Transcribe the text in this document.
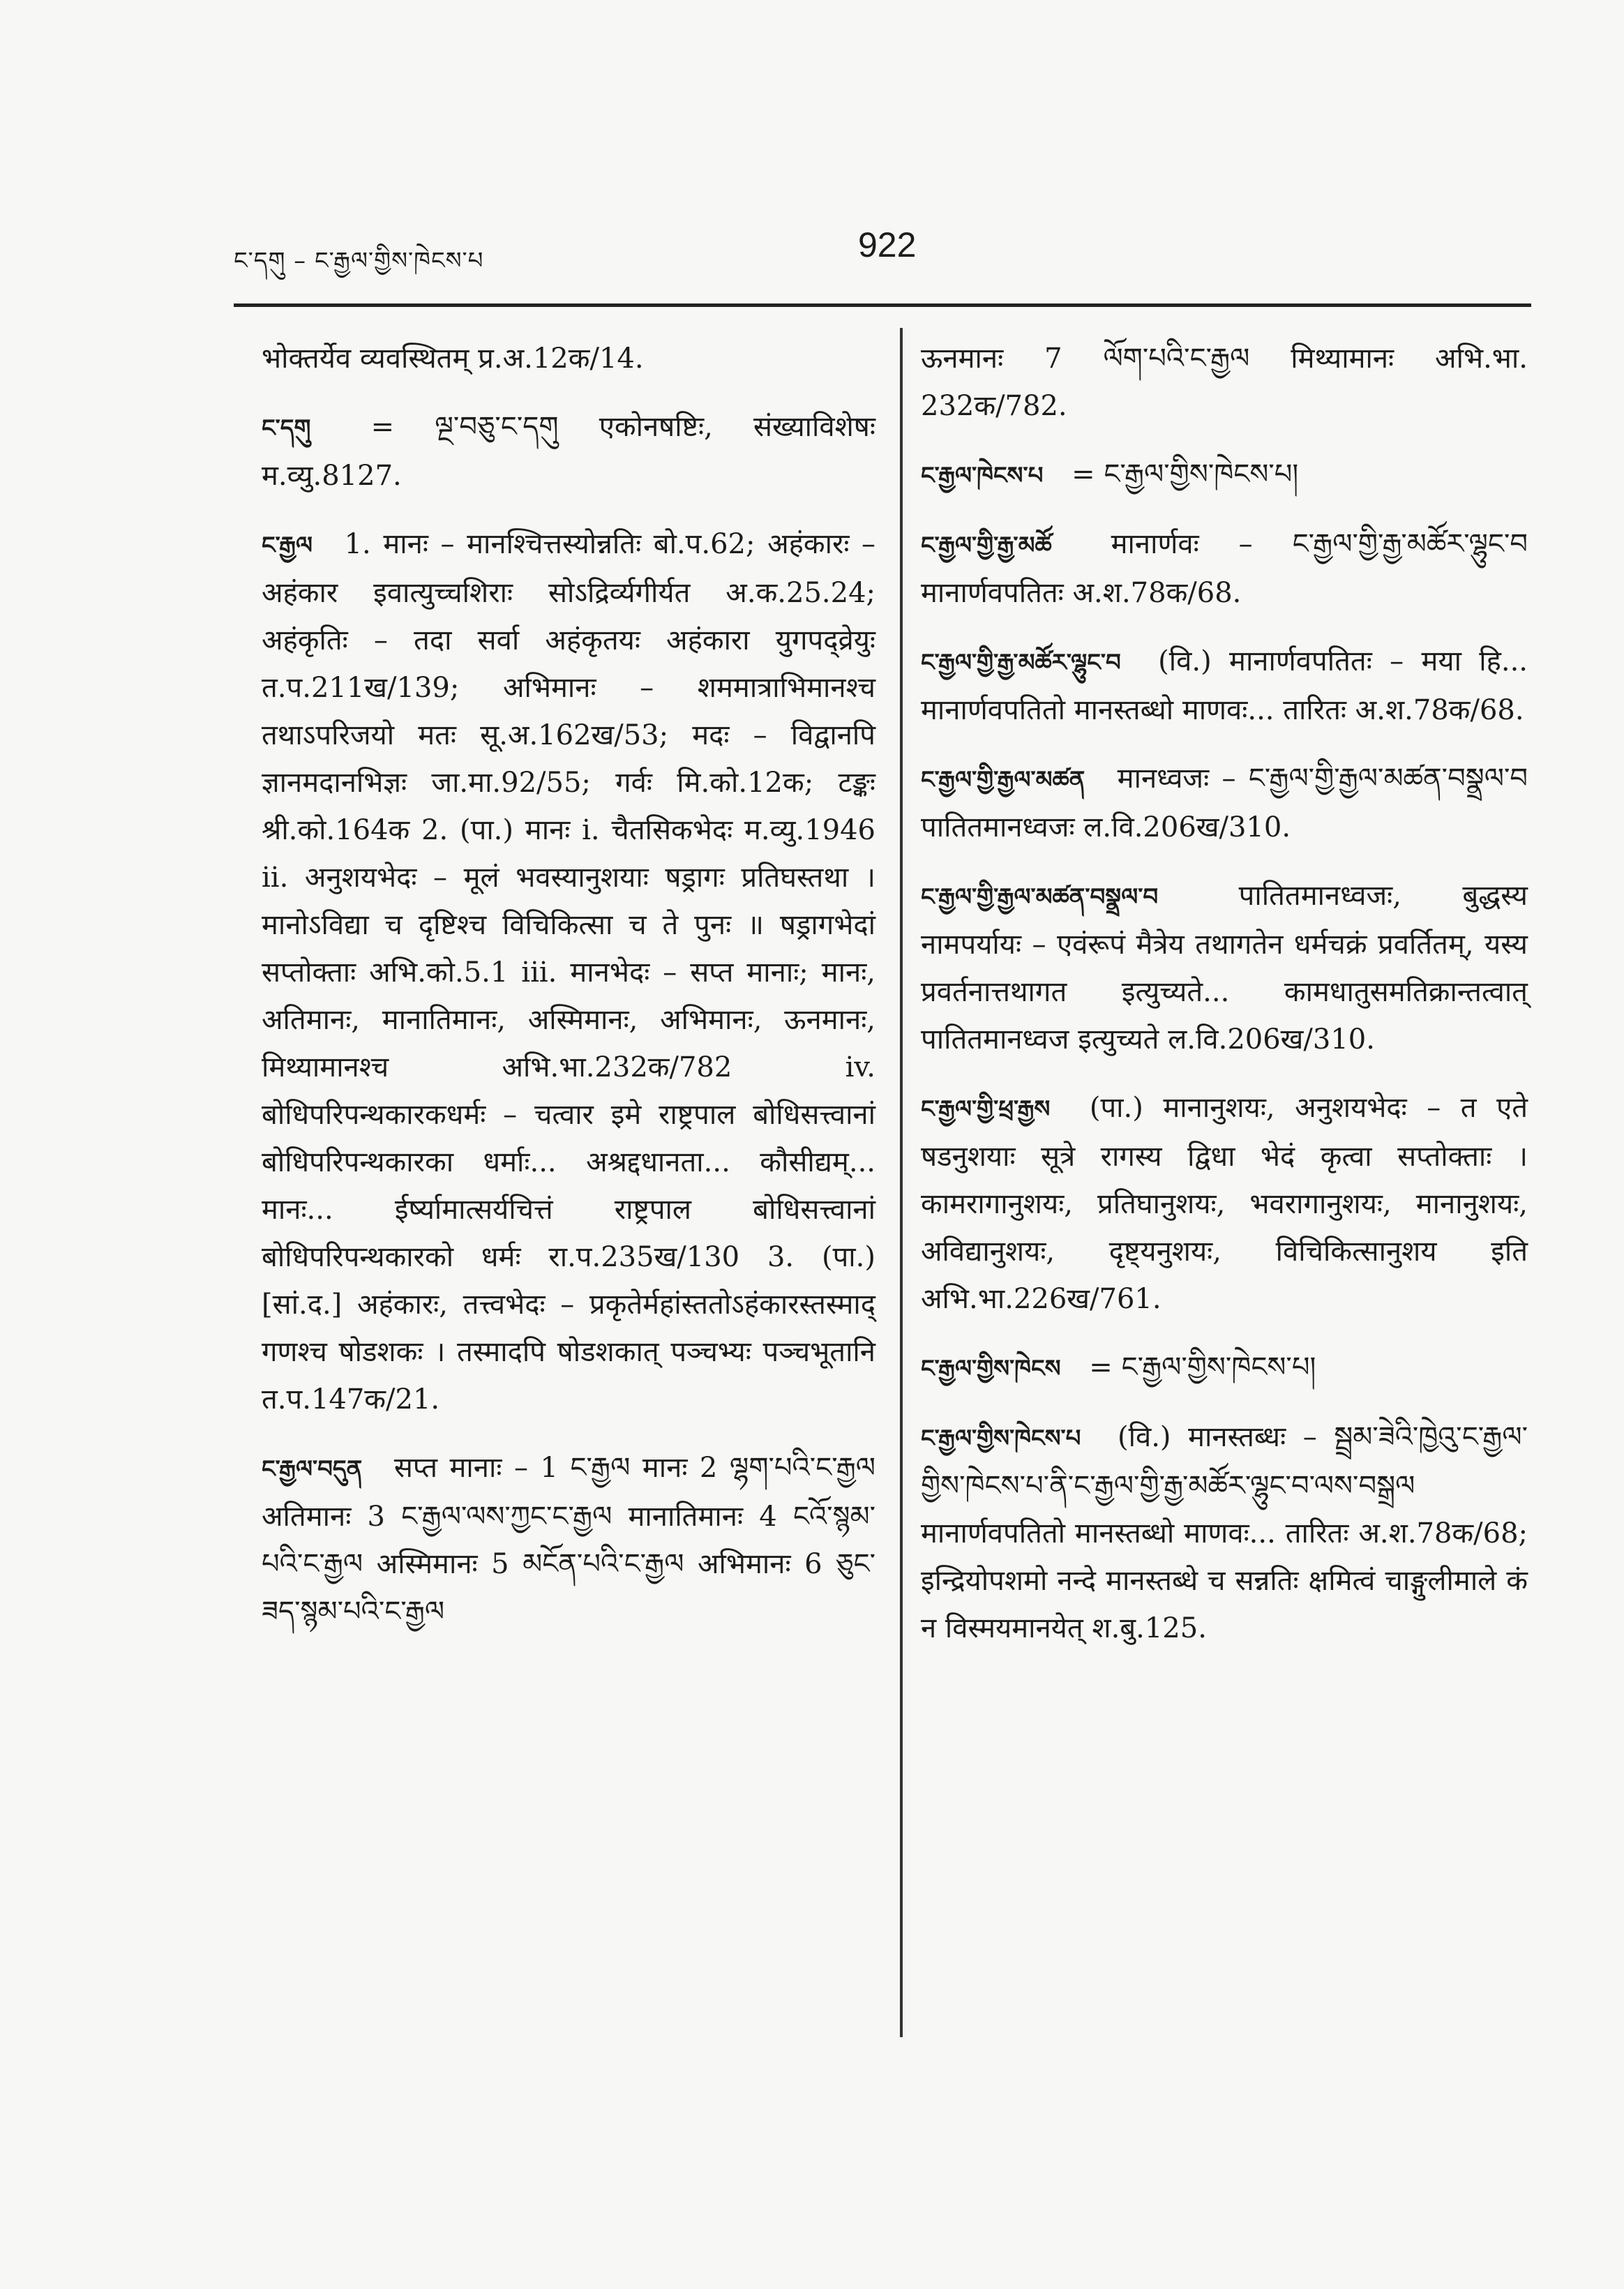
ང་དགུ – ང་རྒྱལ་གྱིས་ཁེངས་པ	922

भोक्तर्येव व्यवस्थितम् प्र.अ.12क/14.

ང་དགུ = ལྔ་བཅུ་ང་དགུ एकोनषष्टिः, संख्याविशेषः म.व्यु.8127.

ང་རྒྱལ 1. मानः – मानश्चित्तस्योन्नतिः बो.प.62; अहंकारः – अहंकार इवात्युच्चशिराः सोऽद्रिर्व्यगीर्यत अ.क.25.24; अहंकृतिः – तदा सर्वा अहंकृतयः अहंकारा युगपद्व्रेयुः त.प.211ख/139; अभिमानः – शममात्राभिमानश्च तथाऽपरिजयो मतः सू.अ.162ख/53; मदः – विद्वानपि ज्ञानमदानभिज्ञः जा.मा.92/55; गर्वः मि.को.12क; टङ्कः श्री.को.164क 2. (पा.) मानः i. चैतसिकभेदः म.व्यु.1946 ii. अनुशयभेदः – मूलं भवस्यानुशयाः षड्रागः प्रतिघस्तथा । मानोऽविद्या च दृष्टिश्च विचिकित्सा च ते पुनः ॥ षड्रागभेदां सप्तोक्ताः अभि.को.5.1 iii. मानभेदः – सप्त मानाः; मानः, अतिमानः, मानातिमानः, अस्मिमानः, अभिमानः, ऊनमानः, मिथ्यामानश्च अभि.भा.232क/782 iv. बोधिपरिपन्थकारकधर्मः – चत्वार इमे राष्ट्रपाल बोधिसत्त्वानां बोधिपरिपन्थकारका धर्माः... अश्रद्दधानता... कौसीद्यम्... मानः... ईर्ष्यामात्सर्यचित्तं राष्ट्रपाल बोधिसत्त्वानां बोधिपरिपन्थकारको धर्मः रा.प.235ख/130 3. (पा.) [सां.द.] अहंकारः, तत्त्वभेदः – प्रकृतेर्महांस्ततोऽहंकारस्तस्माद् गणश्च षोडशकः । तस्मादपि षोडशकात् पञ्चभ्यः पञ्चभूतानि त.प.147क/21.

ང་རྒྱལ་བདུན सप्त मानाः – 1 ང་རྒྱལ मानः 2 ལྷག་པའི་ང་རྒྱལ अतिमानः 3 ང་རྒྱལ་ལས་ཀྱང་ང་རྒྱལ मानातिमानः 4 ངའོ་སྙམ་པའི་ང་རྒྱལ अस्मिमानः 5 མངོན་པའི་ང་རྒྱལ अभिमानः 6 ཅུང་ཟད་སྙམ་པའི་ང་རྒྱལ

ऊनमानः 7 ལོག་པའི་ང་རྒྱལ मिथ्यामानः अभि.भा. 232क/782.

ང་རྒྱལ་ཁེངས་པ = ང་རྒྱལ་གྱིས་ཁེངས་པ།

ང་རྒྱལ་གྱི་རྒྱ་མཚོ मानार्णवः – ང་རྒྱལ་གྱི་རྒྱ་མཚོར་ལྷུང་བ मानार्णवपतितः अ.श.78क/68.

ང་རྒྱལ་གྱི་རྒྱ་མཚོར་ལྷུང་བ (वि.) मानार्णवपतितः – मया हि... मानार्णवपतितो मानस्तब्धो माणवः... तारितः अ.श.78क/68.

ང་རྒྱལ་གྱི་རྒྱལ་མཚན मानध्वजः – ང་རྒྱལ་གྱི་རྒྱལ་མཚན་བསྣྲལ་བ पातितमानध्वजः ल.वि.206ख/310.

ང་རྒྱལ་གྱི་རྒྱལ་མཚན་བསྣྲལ་བ	पातितमानध्वजः, बुद्धस्य नामपर्यायः – एवंरूपं मैत्रेय तथागतेन धर्मचक्रं प्रवर्तितम्, यस्य प्रवर्तनात्तथागत इत्युच्यते... कामधातुसमतिक्रान्तत्वात् पातितमानध्वज इत्युच्यते ल.वि.206ख/310.

ང་རྒྱལ་གྱི་ཕྲ་རྒྱས (पा.) मानानुशयः, अनुशयभेदः – त एते षडनुशयाः सूत्रे रागस्य द्विधा भेदं कृत्वा सप्तोक्ताः । कामरागानुशयः, प्रतिघानुशयः, भवरागानुशयः, मानानुशयः, अविद्यानुशयः, दृष्ट्यनुशयः, विचिकित्सानुशय इति अभि.भा.226ख/761.

ང་རྒྱལ་གྱིས་ཁེངས = ང་རྒྱལ་གྱིས་ཁེངས་པ།

ང་རྒྱལ་གྱིས་ཁེངས་པ (वि.) मानस्तब्धः – སྦྲམ་ཟེའི་ཁྱེའུ་ང་རྒྱལ་གྱིས་ཁེངས་པ་ནི་ང་རྒྱལ་གྱི་རྒྱ་མཚོར་ལྷུང་བ་ལས་བསྒྲལ मानार्णवपतितो मानस्तब्धो माणवः... तारितः अ.श.78क/68; इन्द्रियोपशमो नन्दे मानस्तब्धे च सन्नतिः क्षमित्वं चाङ्गुलीमाले कं न विस्मयमानयेत् श.बु.125.
